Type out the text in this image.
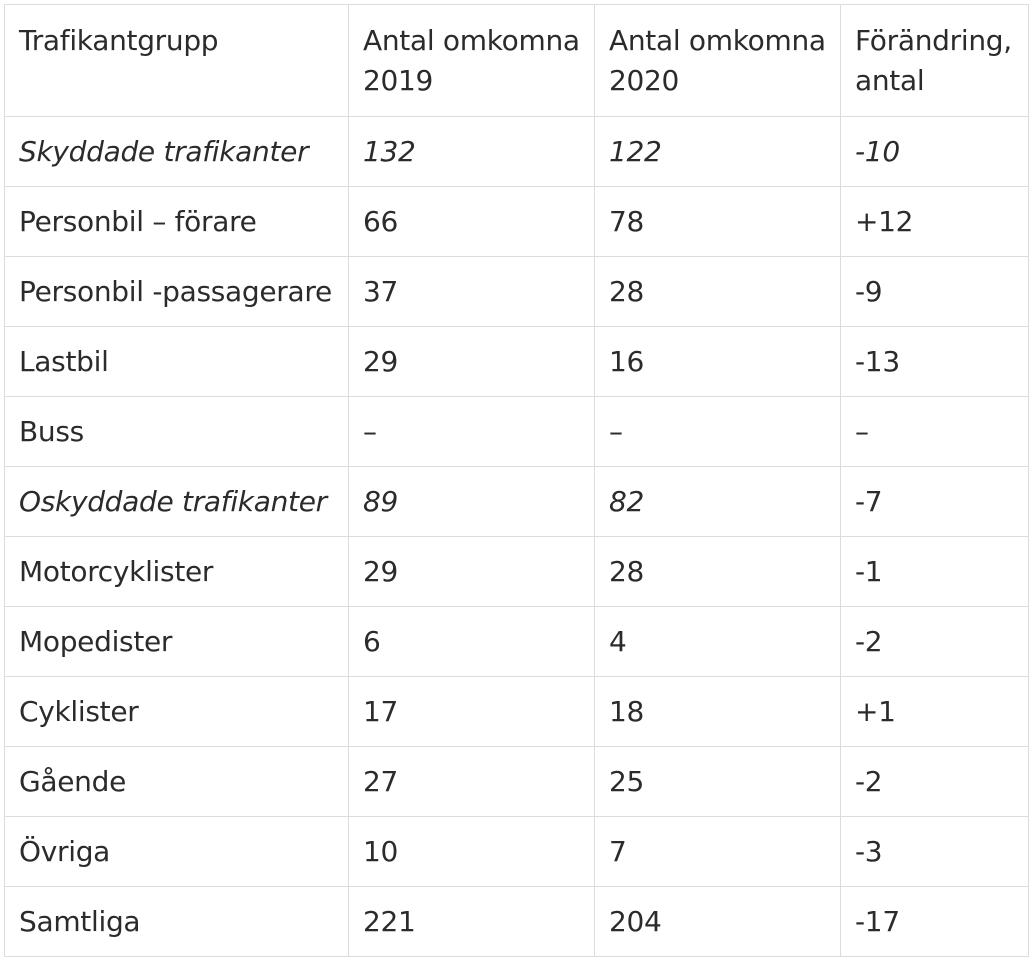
Trafikantgrupp	Antal omkomna 2019	Antal omkomna 2020	Förändring, antal
Skyddade trafikanter	132	122	-10
Personbil – förare	66	78	+12
Personbil -passagerare	37	28	-9
Lastbil	29	16	-13
Buss	–	–	–
Oskyddade trafikanter	89	82	-7
Motorcyklister	29	28	-1
Mopedister	6	4	-2
Cyklister	17	18	+1
Gående	27	25	-2
Övriga	10	7	-3
Samtliga	221	204	-17
